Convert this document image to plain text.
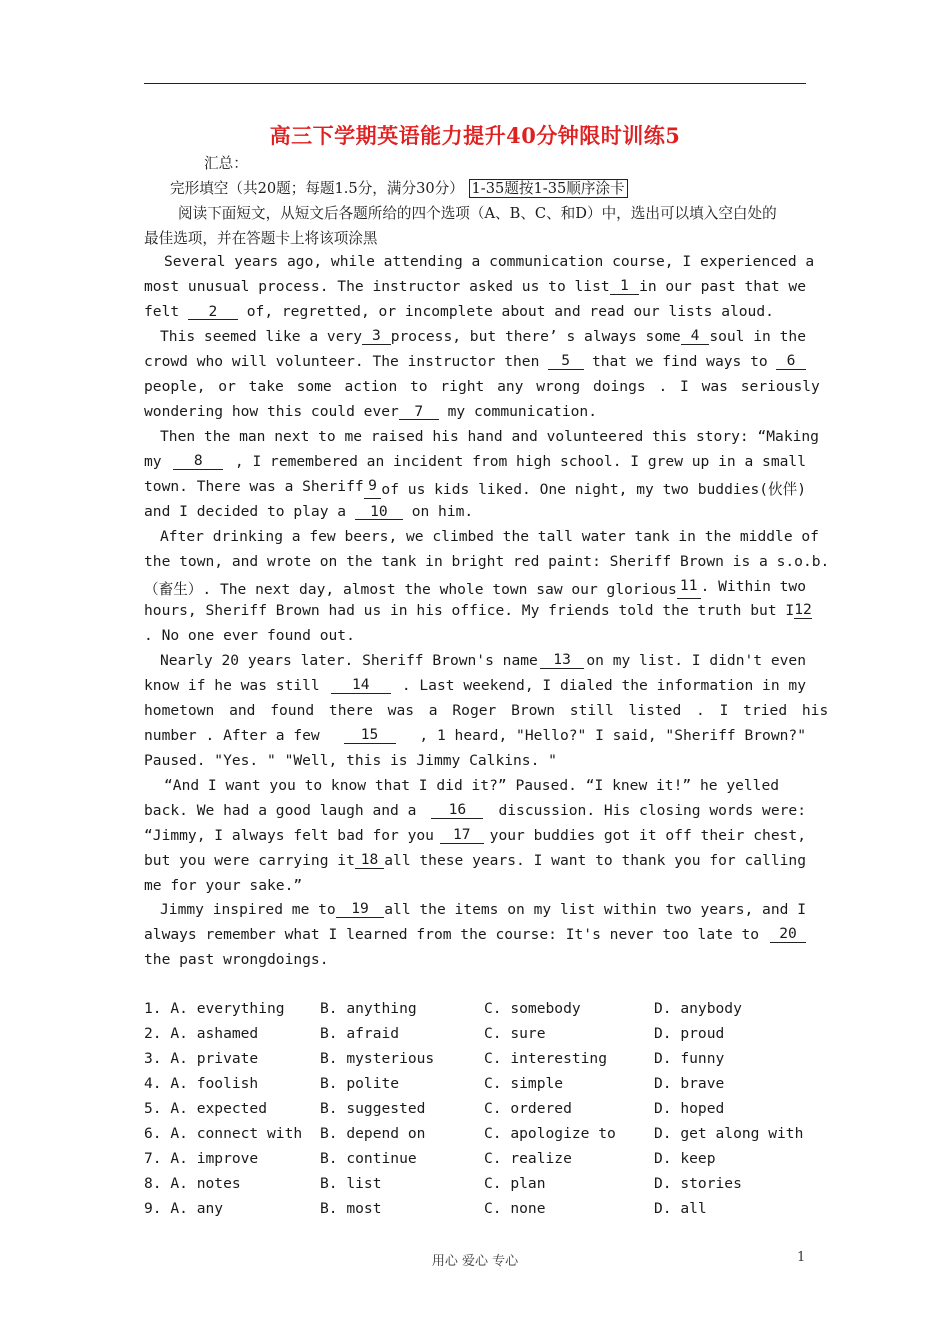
高三下学期英语能力提升40分钟限时训练5
汇总：
完形填空（共20题；每题1.5分，满分30分） 1-35题按1-35顺序涂卡
阅读下面短文，从短文后各题所给的四个选项（A、B、C、和D）中，选出可以填入空白处的
最佳选项，并在答题卡上将该项涂黑
Several years ago, while attending a communication course, I experienced a
most unusual process. The instructor asked us to list 1 in our past that we
felt 2 of, regretted, or incomplete about and read our lists aloud.
This seemed like a very 3 process, but there’ s always some 4 soul in the
crowd who will volunteer. The instructor then	5	that we find ways to	6
people, or take some action to right any wrong doings . I was seriously
wondering how this could ever 7 my communication.
Then the man next to me raised his hand and volunteered this story: “Making
my	8	, I remembered an incident from high school. I grew up in a small
town. There was a Sheriff 9 of us kids liked. One night, my two buddies(伙伴)
and I decided to play a 10 on him.
After drinking a few beers, we climbed the tall water tank in the middle of
the town, and wrote on the tank in bright red paint: Sheriff Brown is a s.o.b.
（畜生）. The next day, almost the whole town saw our glorious 11 . Within two
hours, Sheriff Brown had us in his office. My friends told the truth but I 12
. No one ever found out.
Nearly 20 years later. Sheriff Brown's name	13	on my list. I didn't even
know if he was still	14	. Last weekend, I dialed the information in my
hometown and found there was a Roger Brown still listed . I tried his
number . After a few	15	, 1 heard, "Hello?" I said, "Sheriff Brown?"
Paused. "Yes. " "Well, this is Jimmy Calkins. "
“And I want you to know that I did it?” Paused. “I knew it!” he yelled
back. We had a good laugh and a	16	discussion. His closing words were:
“Jimmy, I always felt bad for you	17	your buddies got it off their chest,
but you were carrying it 18 all these years. I want to thank you for calling
me for your sake.”
Jimmy inspired me to	19	all the items on my list within two years, and I
always remember what I learned from the course: It's never too late to	20
the past wrongdoings.
1. A. everything B. anything	C. somebody	D. anybody
2. A. ashamed	B. afraid	C. sure	D. proud
3. A. private	B. mysterious	C. interesting	D. funny
4. A. foolish	B. polite	C. simple	D. brave
5. A. expected	B. suggested	C. ordered	D. hoped
6. A. connect with B. depend on	C. apologize to	D. get along with
7. A. improve	B. continue	C. realize	D. keep
8. A. notes	B. list	C. plan	D. stories
9. A. any	B. most	C. none	D. all
用心 爱心 专心	1
